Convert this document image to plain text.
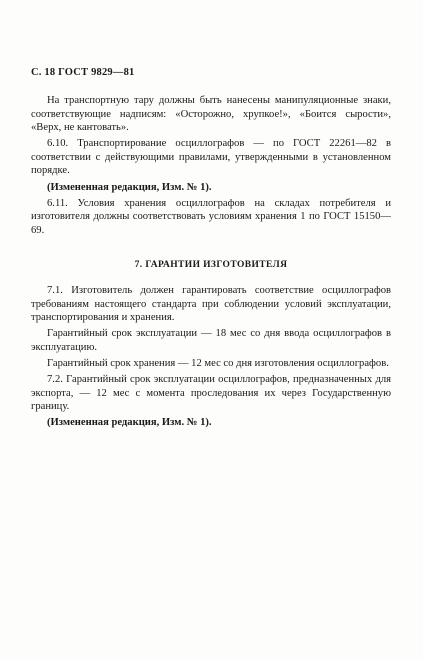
С. 18 ГОСТ 9829—81

На транспортную тару должны быть нанесены манипуляционные знаки, соответствующие надписям: «Осторожно, хрупкое!», «Боится сырости», «Верх, не кантовать».

6.10. Транспортирование осциллографов — по ГОСТ 22261—82 в соответствии с действующими правилами, утвержденными в установленном порядке.

(Измененная редакция, Изм. № 1).

6.11. Условия хранения осциллографов на складах потребителя и изготовителя должны соответствовать условиям хранения 1 по ГОСТ 15150—69.

7. ГАРАНТИИ ИЗГОТОВИТЕЛЯ

7.1. Изготовитель должен гарантировать соответствие осциллографов требованиям настоящего стандарта при соблюдении условий эксплуатации, транспортирования и хранения.

Гарантийный срок эксплуатации — 18 мес со дня ввода осциллографов в эксплуатацию.

Гарантийный срок хранения — 12 мес со дня изготовления осциллографов.

7.2. Гарантийный срок эксплуатации осциллографов, предназначенных для экспорта, — 12 мес с момента проследования их через Государственную границу.

(Измененная редакция, Изм. № 1).
